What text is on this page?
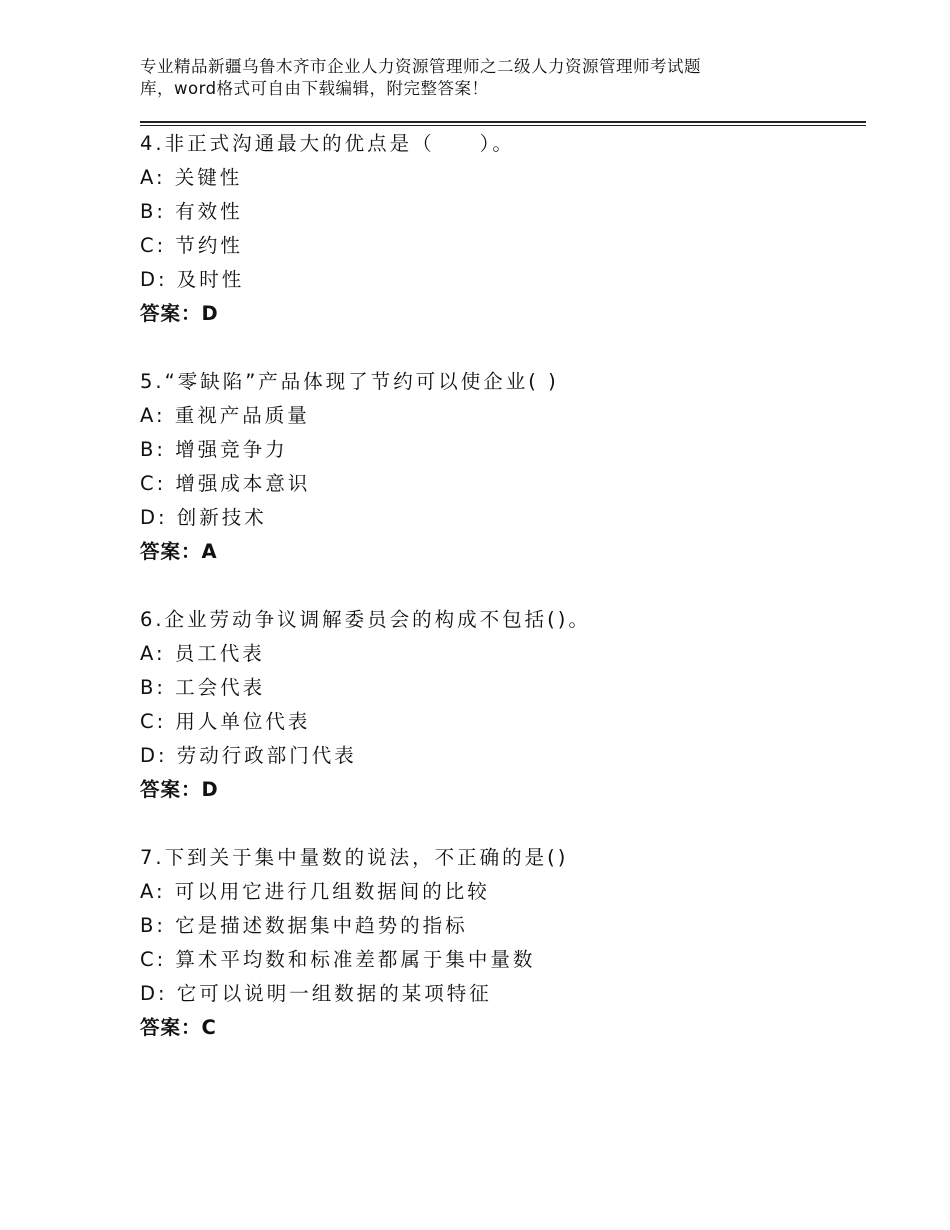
专业精品新疆乌鲁木齐市企业人力资源管理师之二级人力资源管理师考试题
库，word格式可自由下载编辑，附完整答案！
4.非正式沟通最大的优点是（　　）。
A: 关键性
B: 有效性
C: 节约性
D: 及时性
答案：D
5.“零缺陷”产品体现了节约可以使企业( )
A: 重视产品质量
B: 增强竞争力
C: 增强成本意识
D: 创新技术
答案：A
6.企业劳动争议调解委员会的构成不包括()。
A: 员工代表
B: 工会代表
C: 用人单位代表
D: 劳动行政部门代表
答案：D
7.下到关于集中量数的说法，不正确的是()
A: 可以用它进行几组数据间的比较
B: 它是描述数据集中趋势的指标
C: 算术平均数和标准差都属于集中量数
D: 它可以说明一组数据的某项特征
答案：C
